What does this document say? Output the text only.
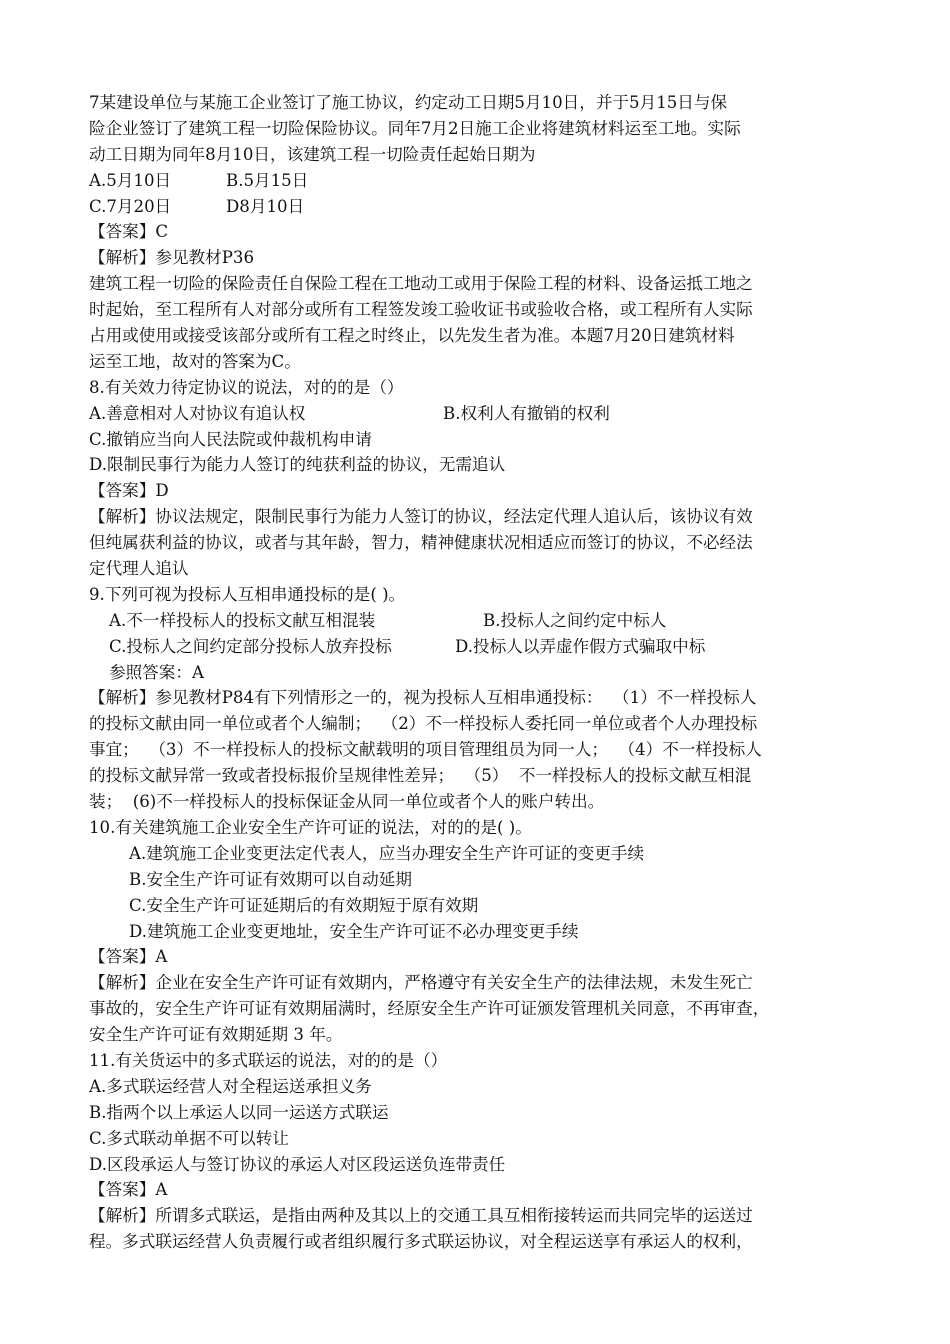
7某建设单位与某施工企业签订了施工协议，约定动工日期5月10日，并于5月15日与保
险企业签订了建筑工程一切险保险协议。同年7月2日施工企业将建筑材料运至工地。实际
动工日期为同年8月10日，该建筑工程一切险责任起始日期为
A.5月10日	B.5月15日
C.7月20日	D8月10日
【答案】C
【解析】参见教材P36
建筑工程一切险的保险责任自保险工程在工地动工或用于保险工程的材料、设备运抵工地之
时起始，至工程所有人对部分或所有工程签发竣工验收证书或验收合格，或工程所有人实际
占用或使用或接受该部分或所有工程之时终止，以先发生者为准。本题7月20日建筑材料
运至工地，故对的答案为C。
8.有关效力待定协议的说法，对的的是（）
A.善意相对人对协议有追认权	B.权利人有撤销的权利
C.撤销应当向人民法院或仲裁机构申请
D.限制民事行为能力人签订的纯获利益的协议，无需追认
【答案】D
【解析】协议法规定，限制民事行为能力人签订的协议，经法定代理人追认后，该协议有效
但纯属获利益的协议，或者与其年龄，智力，精神健康状况相适应而签订的协议，不必经法
定代理人追认
9.下列可视为投标人互相串通投标的是( )。
A.不一样投标人的投标文献互相混装	B.投标人之间约定中标人
C.投标人之间约定部分投标人放弃投标	D.投标人以弄虚作假方式骗取中标
参照答案：A
【解析】参见教材P84有下列情形之一的，视为投标人互相串通投标：  （1）不一样投标人
的投标文献由同一单位或者个人编制；  （2）不一样投标人委托同一单位或者个人办理投标
事宜；  （3）不一样投标人的投标文献载明的项目管理组员为同一人；  （4）不一样投标人
的投标文献异常一致或者投标报价呈规律性差异；  （5）  不一样投标人的投标文献互相混
装；  (6)不一样投标人的投标保证金从同一单位或者个人的账户转出。
10.有关建筑施工企业安全生产许可证的说法，对的的是( )。
A.建筑施工企业变更法定代表人，应当办理安全生产许可证的变更手续
B.安全生产许可证有效期可以自动延期
C.安全生产许可证延期后的有效期短于原有效期
D.建筑施工企业变更地址，安全生产许可证不必办理变更手续
【答案】A
【解析】企业在安全生产许可证有效期内，严格遵守有关安全生产的法律法规，未发生死亡
事故的，安全生产许可证有效期届满时，经原安全生产许可证颁发管理机关同意，不再审查，
安全生产许可证有效期延期 3 年。
11.有关货运中的多式联运的说法，对的的是（）
A.多式联运经营人对全程运送承担义务
B.指两个以上承运人以同一运送方式联运
C.多式联动单据不可以转让
D.区段承运人与签订协议的承运人对区段运送负连带责任
【答案】A
【解析】所谓多式联运，是指由两种及其以上的交通工具互相衔接转运而共同完毕的运送过
程。多式联运经营人负责履行或者组织履行多式联运协议，对全程运送享有承运人的权利，
